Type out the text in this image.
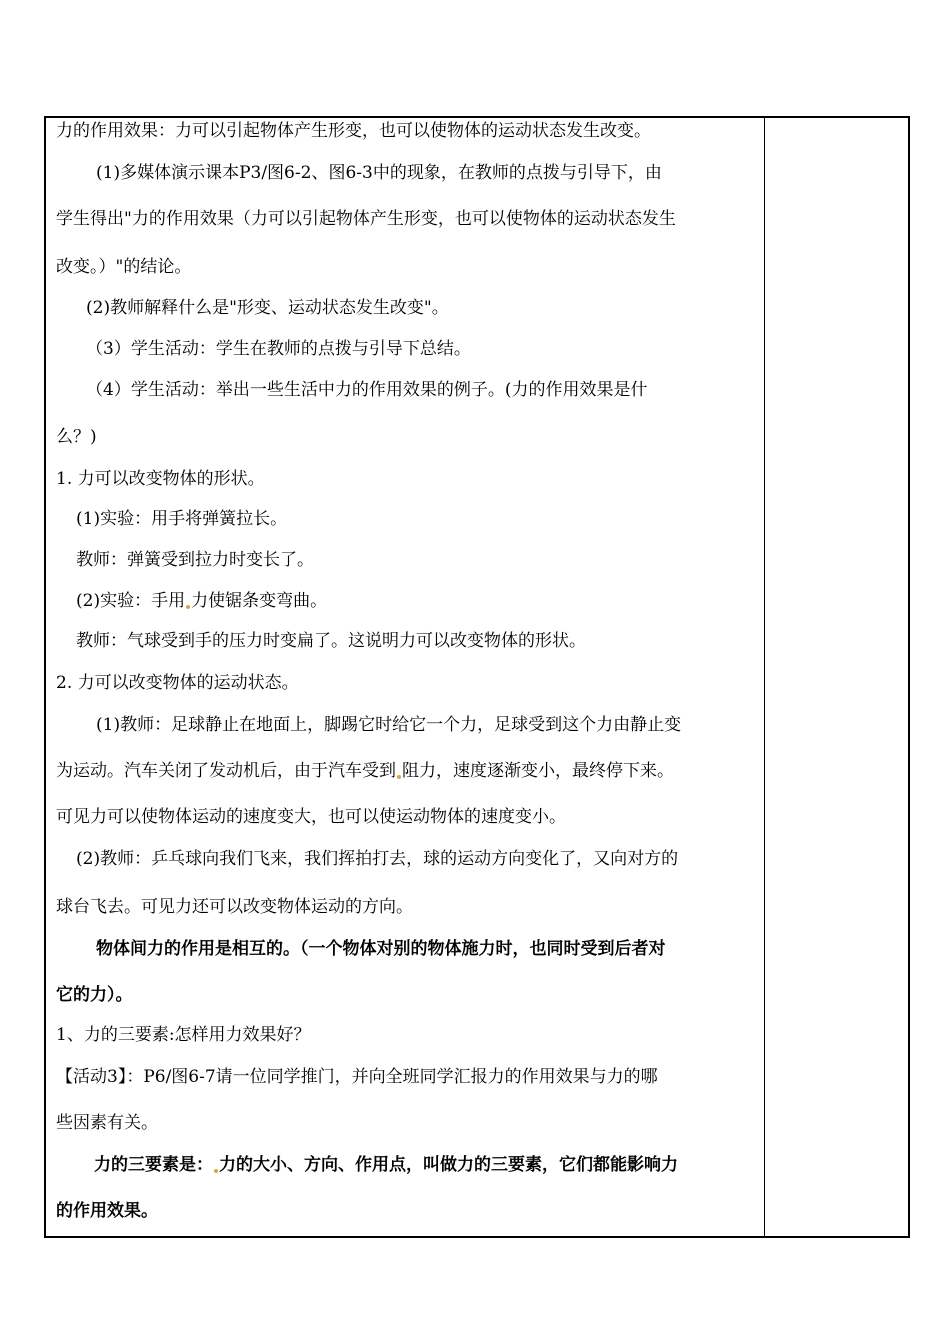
力的作用效果：力可以引起物体产生形变，也可以使物体的运动状态发生改变。
(1)多媒体演示课本P3/图6-2、图6-3中的现象，在教师的点拨与引导下，由
学生得出"力的作用效果（力可以引起物体产生形变，也可以使物体的运动状态发生
改变。）"的结论。
(2)教师解释什么是"形变、运动状态发生改变"。
（3）学生活动：学生在教师的点拨与引导下总结。
（4）学生活动：举出一些生活中力的作用效果的例子。(力的作用效果是什
么？)
1. 力可以改变物体的形状。
(1)实验：用手将弹簧拉长。
教师：弹簧受到拉力时变长了。
(2)实验：手用 力使锯条变弯曲。
教师：气球受到手的压力时变扁了。这说明力可以改变物体的形状。
2. 力可以改变物体的运动状态。
(1)教师：足球静止在地面上，脚踢它时给它一个力，足球受到这个力由静止变
为运动。汽车关闭了发动机后，由于汽车受到 阻力，速度逐渐变小，最终停下来。
可见力可以使物体运动的速度变大，也可以使运动物体的速度变小。
(2)教师：乒乓球向我们飞来，我们挥拍打去，球的运动方向变化了，又向对方的
球台飞去。可见力还可以改变物体运动的方向。
物体间力的作用是相互的。（一个物体对别的物体施力时，也同时受到后者对
它的力）。
1、力的三要素:怎样用力效果好？
【活动3】：P6/图6-7请一位同学推门，并向全班同学汇报力的作用效果与力的哪
些因素有关。
力的三要素是： 力的大小、方向、作用点，叫做力的三要素，它们都能影响力
的作用效果。
